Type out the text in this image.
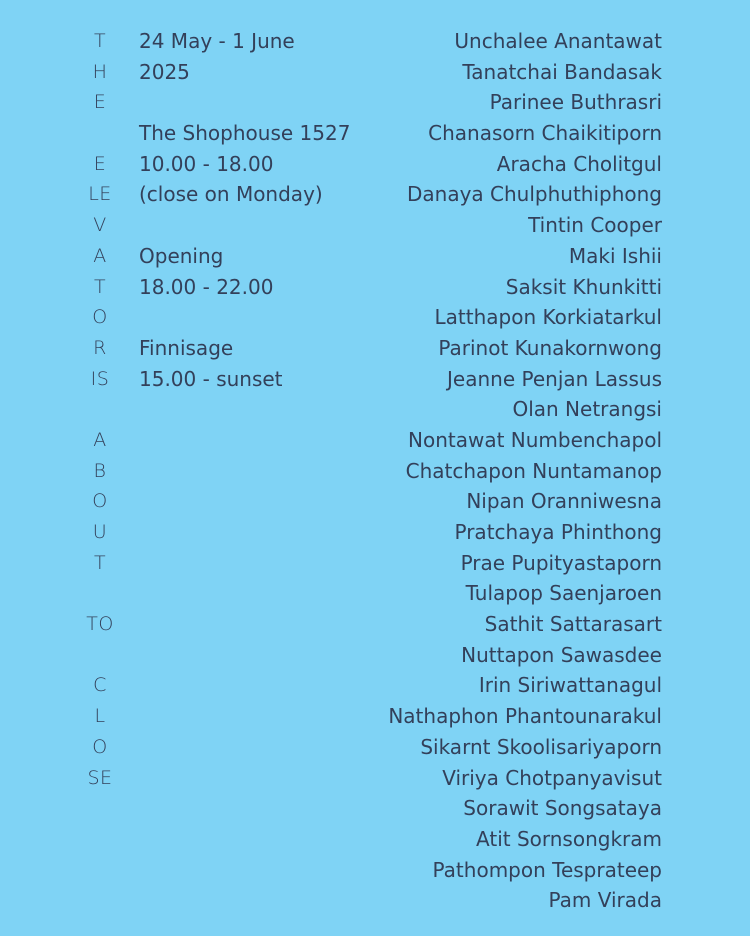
T
H
E
E
LE
V
A
T
O
R
IS
A
B
O
U
T
TO
C
L
O
SE
24 May - 1 June
2025
The Shophouse 1527
10.00 - 18.00
(close on Monday)
Opening
18.00 - 22.00
Finnisage
15.00 - sunset
Unchalee Anantawat
Tanatchai Bandasak
Parinee Buthrasri
Chanasorn Chaikitiporn
Aracha Cholitgul
Danaya Chulphuthiphong
Tintin Cooper
Maki Ishii
Saksit Khunkitti
Latthapon Korkiatarkul
Parinot Kunakornwong
Jeanne Penjan Lassus
Olan Netrangsi
Nontawat Numbenchapol
Chatchapon Nuntamanop
Nipan Oranniwesna
Pratchaya Phinthong
Prae Pupityastaporn
Tulapop Saenjaroen
Sathit Sattarasart
Nuttapon Sawasdee
Irin Siriwattanagul
Nathaphon Phantounarakul
Sikarnt Skoolisariyaporn
Viriya Chotpanyavisut
Sorawit Songsataya
Atit Sornsongkram
Pathompon Tesprateep
Pam Virada
